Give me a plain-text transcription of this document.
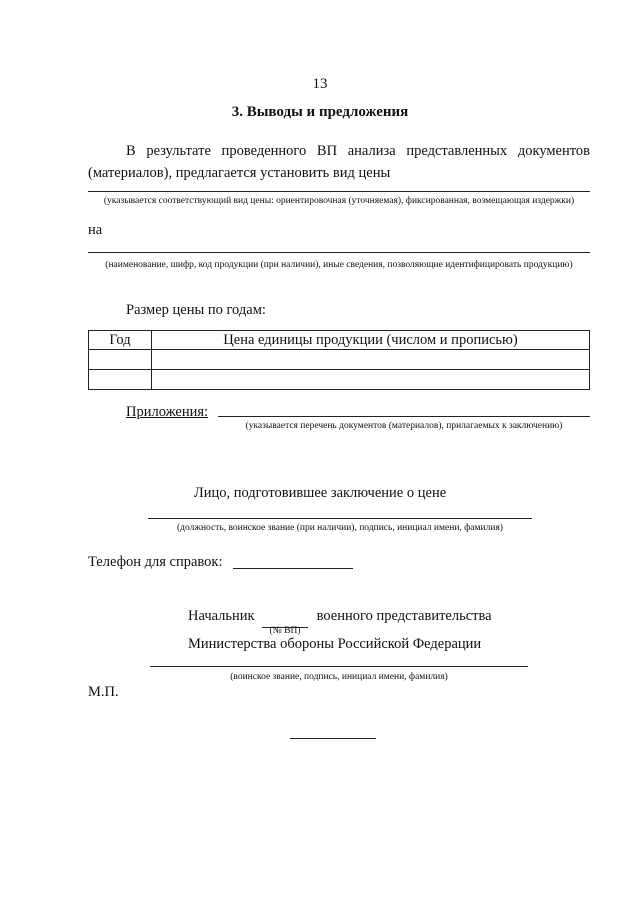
13
3. Выводы и предложения
В результате проведенного ВП анализа представленных документов (материалов), предлагается установить вид цены
(указывается соответствующий вид цены: ориентировочная (уточняемая), фиксированная, возмещающая издержки)
на
(наименование, шифр, код продукции (при наличии), иные сведения, позволяющие идентифицировать продукцию)
Размер цены по годам:
Год	Цена единицы продукции (числом и прописью)

Приложения:
(указывается перечень документов (материалов), прилагаемых к заключению)
Лицо, подготовившее заключение о цене
(должность, воинское звание (при наличии), подпись, инициал имени, фамилия)
Телефон для справок:
Начальник	военного представительства
(№ ВП)
Министерства обороны Российской Федерации
(воинское звание, подпись, инициал имени, фамилия)
М.П.
